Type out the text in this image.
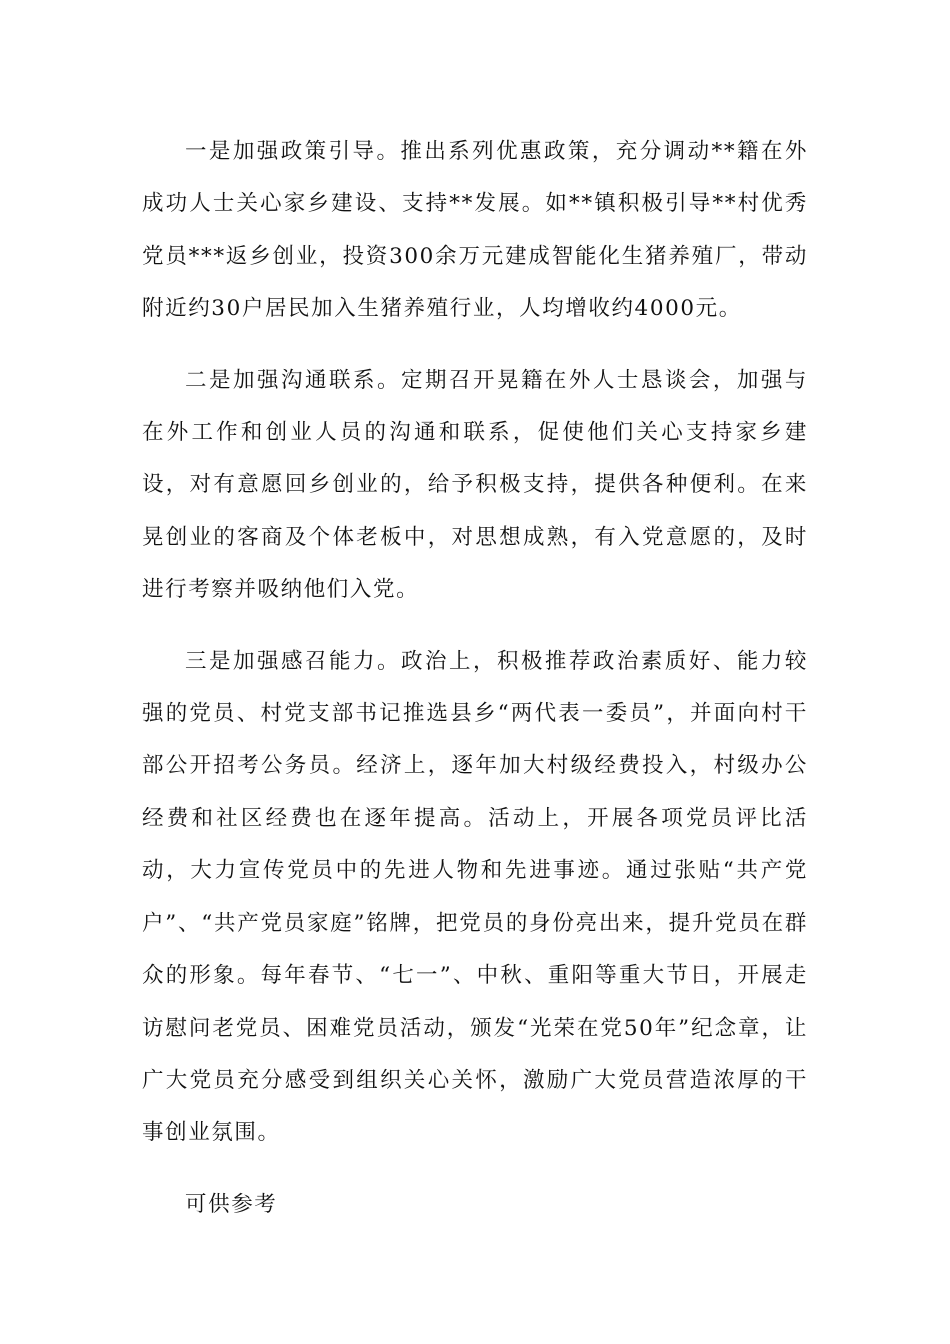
一是加强政策引导。推出系列优惠政策，充分调动**籍在外成功人士关心家乡建设、支持**发展。如**镇积极引导**村优秀党员***返乡创业，投资300余万元建成智能化生猪养殖厂，带动附近约30户居民加入生猪养殖行业，人均增收约4000元。

二是加强沟通联系。定期召开晃籍在外人士恳谈会，加强与在外工作和创业人员的沟通和联系，促使他们关心支持家乡建设，对有意愿回乡创业的，给予积极支持，提供各种便利。在来晃创业的客商及个体老板中，对思想成熟，有入党意愿的，及时进行考察并吸纳他们入党。

三是加强感召能力。政治上，积极推荐政治素质好、能力较强的党员、村党支部书记推选县乡“两代表一委员”，并面向村干部公开招考公务员。经济上，逐年加大村级经费投入，村级办公经费和社区经费也在逐年提高。活动上，开展各项党员评比活动，大力宣传党员中的先进人物和先进事迹。通过张贴“共产党户”、“共产党员家庭”铭牌，把党员的身份亮出来，提升党员在群众的形象。每年春节、“七一”、中秋、重阳等重大节日，开展走访慰问老党员、困难党员活动，颁发“光荣在党50年”纪念章，让广大党员充分感受到组织关心关怀，激励广大党员营造浓厚的干事创业氛围。

可供参考
